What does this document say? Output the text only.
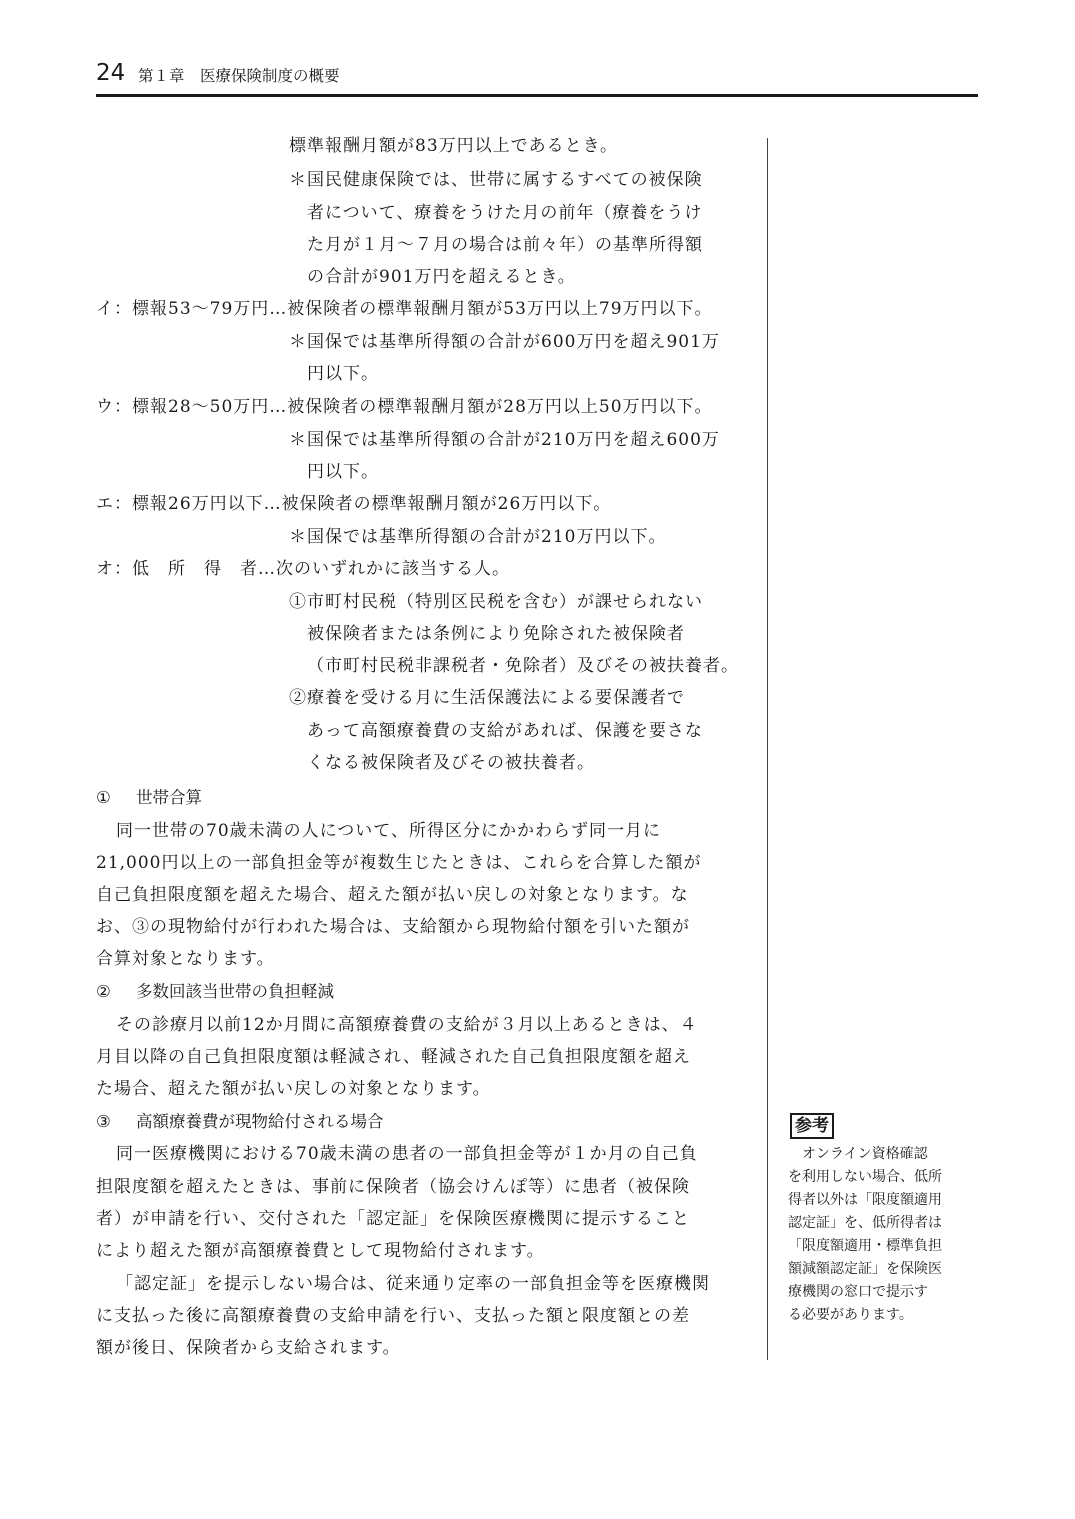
24 第１章 医療保険制度の概要
標準報酬月額が83万円以上であるとき。
＊国民健康保険では、世帯に属するすべての被保険
者について、療養をうけた月の前年（療養をうけ
た月が１月～７月の場合は前々年）の基準所得額
の合計が901万円を超えるとき。
イ：標報53～79万円…被保険者の標準報酬月額が53万円以上79万円以下。
＊国保では基準所得額の合計が600万円を超え901万
円以下。
ウ：標報28～50万円…被保険者の標準報酬月額が28万円以上50万円以下。
＊国保では基準所得額の合計が210万円を超え600万
円以下。
エ：標報26万円以下…被保険者の標準報酬月額が26万円以下。
＊国保では基準所得額の合計が210万円以下。
オ：低　所　得　者…次のいずれかに該当する人。
①市町村民税（特別区民税を含む）が課せられない
被保険者または条例により免除された被保険者
（市町村民税非課税者・免除者）及びその被扶養者。
②療養を受ける月に生活保護法による要保護者で
あって高額療養費の支給があれば、保護を要さな
くなる被保険者及びその被扶養者。
① 世帯合算
同一世帯の70歳未満の人について、所得区分にかかわらず同一月に
21,000円以上の一部負担金等が複数生じたときは、これらを合算した額が
自己負担限度額を超えた場合、超えた額が払い戻しの対象となります。な
お、③の現物給付が行われた場合は、支給額から現物給付額を引いた額が
合算対象となります。
② 多数回該当世帯の負担軽減
その診療月以前12か月間に高額療養費の支給が３月以上あるときは、４
月目以降の自己負担限度額は軽減され、軽減された自己負担限度額を超え
た場合、超えた額が払い戻しの対象となります。
③ 高額療養費が現物給付される場合
同一医療機関における70歳未満の患者の一部負担金等が１か月の自己負
担限度額を超えたときは、事前に保険者（協会けんぽ等）に患者（被保険
者）が申請を行い、交付された「認定証」を保険医療機関に提示すること
により超えた額が高額療養費として現物給付されます。
「認定証」を提示しない場合は、従来通り定率の一部負担金等を医療機関
に支払った後に高額療養費の支給申請を行い、支払った額と限度額との差
額が後日、保険者から支給されます。
参考
　オンライン資格確認
を利用しない場合、低所
得者以外は「限度額適用
認定証」を、低所得者は
「限度額適用・標準負担
額減額認定証」を保険医
療機関の窓口で提示す
る必要があります。
